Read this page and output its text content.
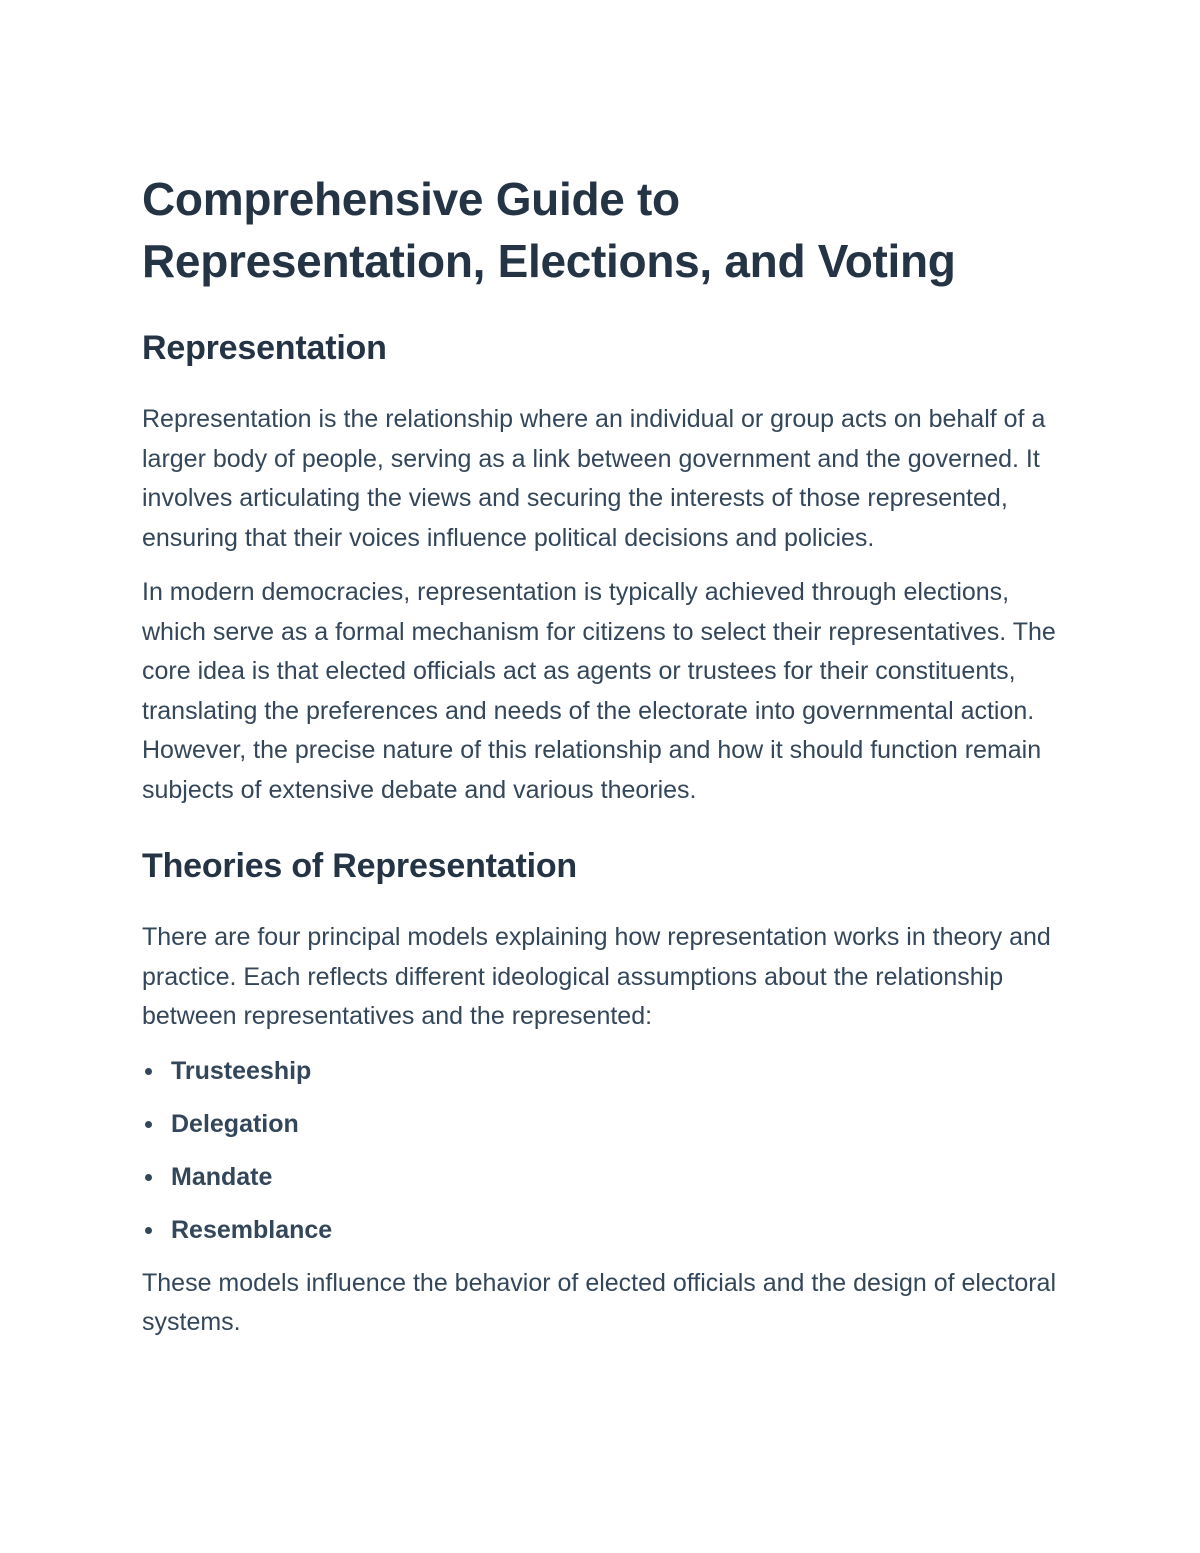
Comprehensive Guide to
Representation, Elections, and Voting
Representation

Representation is the relationship where an individual or group acts on behalf of a larger body of people, serving as a link between government and the governed. It involves articulating the views and securing the interests of those represented, ensuring that their voices influence political decisions and policies.

In modern democracies, representation is typically achieved through elections, which serve as a formal mechanism for citizens to select their representatives. The core idea is that elected officials act as agents or trustees for their constituents, translating the preferences and needs of the electorate into governmental action. However, the precise nature of this relationship and how it should function remain subjects of extensive debate and various theories.

Theories of Representation

There are four principal models explaining how representation works in theory and practice. Each reflects different ideological assumptions about the relationship between representatives and the represented:

Trusteeship
Delegation
Mandate
Resemblance

These models influence the behavior of elected officials and the design of electoral systems.
